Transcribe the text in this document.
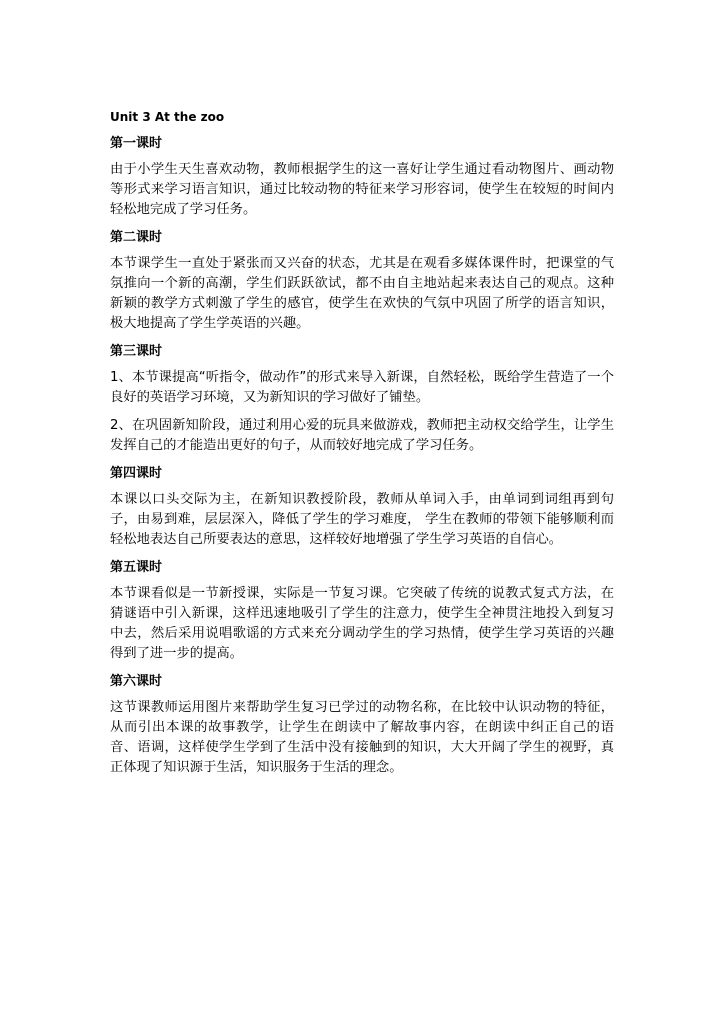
Unit 3 At the zoo
第一课时

由于小学生天生喜欢动物，教师根据学生的这一喜好让学生通过看动物图片、画动物等形式来学习语言知识，通过比较动物的特征来学习形容词，使学生在较短的时间内轻松地完成了学习任务。

第二课时

本节课学生一直处于紧张而又兴奋的状态，尤其是在观看多媒体课件时，把课堂的气氛推向一个新的高潮，学生们跃跃欲试，都不由自主地站起来表达自己的观点。这种新颖的教学方式刺激了学生的感官，使学生在欢快的气氛中巩固了所学的语言知识，极大地提高了学生学英语的兴趣。

第三课时

1、本节课提高“听指令，做动作”的形式来导入新课，自然轻松，既给学生营造了一个良好的英语学习环境，又为新知识的学习做好了铺垫。

2、在巩固新知阶段，通过利用心爱的玩具来做游戏，教师把主动权交给学生，让学生发挥自己的才能造出更好的句子，从而较好地完成了学习任务。

第四课时

本课以口头交际为主，在新知识教授阶段，教师从单词入手，由单词到词组再到句子，由易到难，层层深入，降低了学生的学习难度， 学生在教师的带领下能够顺利而轻松地表达自己所要表达的意思，这样较好地增强了学生学习英语的自信心。

第五课时

本节课看似是一节新授课，实际是一节复习课。它突破了传统的说教式复式方法，在猜谜语中引入新课，这样迅速地吸引了学生的注意力，使学生全神贯注地投入到复习中去，然后采用说唱歌谣的方式来充分调动学生的学习热情，使学生学习英语的兴趣得到了进一步的提高。

第六课时

这节课教师运用图片来帮助学生复习已学过的动物名称，在比较中认识动物的特征，从而引出本课的故事教学，让学生在朗读中了解故事内容，在朗读中纠正自己的语音、语调，这样使学生学到了生活中没有接触到的知识，大大开阔了学生的视野，真正体现了知识源于生活，知识服务于生活的理念。
